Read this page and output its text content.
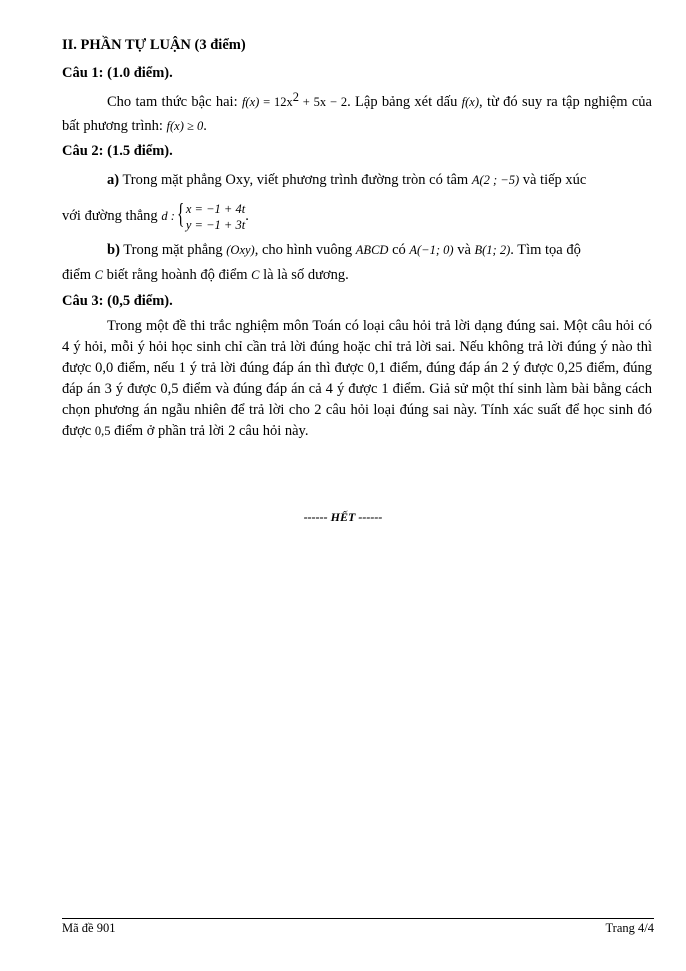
II. PHẦN TỰ LUẬN (3 điểm)
Câu 1: (1.0 điểm).
Cho tam thức bậc hai: $f(x) = 12x^2 + 5x - 2$. Lập bảng xét dấu f(x), từ đó suy ra tập nghiệm của bất phương trình: f(x) ≥ 0.
Câu 2: (1.5 điểm).
a) Trong mặt phẳng Oxy, viết phương trình đường tròn có tâm A(2 ; −5) và tiếp xúc
với đường thẳng d : { x = −1 + 4t
y = −1 + 3t
.
b) Trong mặt phẳng (Oxy), cho hình vuông ABCD có A(−1; 0) và B(1; 2). Tìm tọa độ
điểm C biết rằng hoành độ điểm C là là số dương.
Câu 3: (0,5 điểm).
Trong một đề thi trắc nghiệm môn Toán có loại câu hỏi trả lời dạng đúng sai. Một câu hỏi có 4 ý hỏi, mỗi ý hỏi học sinh chỉ cần trả lời đúng hoặc chỉ trả lời sai. Nếu không trả lời đúng ý nào thì được 0,0 điểm, nếu 1 ý trả lời đúng đáp án thì được 0,1 điểm, đúng đáp án 2 ý được 0,25 điểm, đúng đáp án 3 ý được 0,5 điểm và đúng đáp án cả 4 ý được 1 điểm. Giả sử một thí sinh làm bài bằng cách chọn phương án ngẫu nhiên để trả lời cho 2 câu hỏi loại đúng sai này. Tính xác suất để học sinh đó được 0,5 điểm ở phần trả lời 2 câu hỏi này.
------ HẾT ------
Mã đề 901	Trang 4/4
